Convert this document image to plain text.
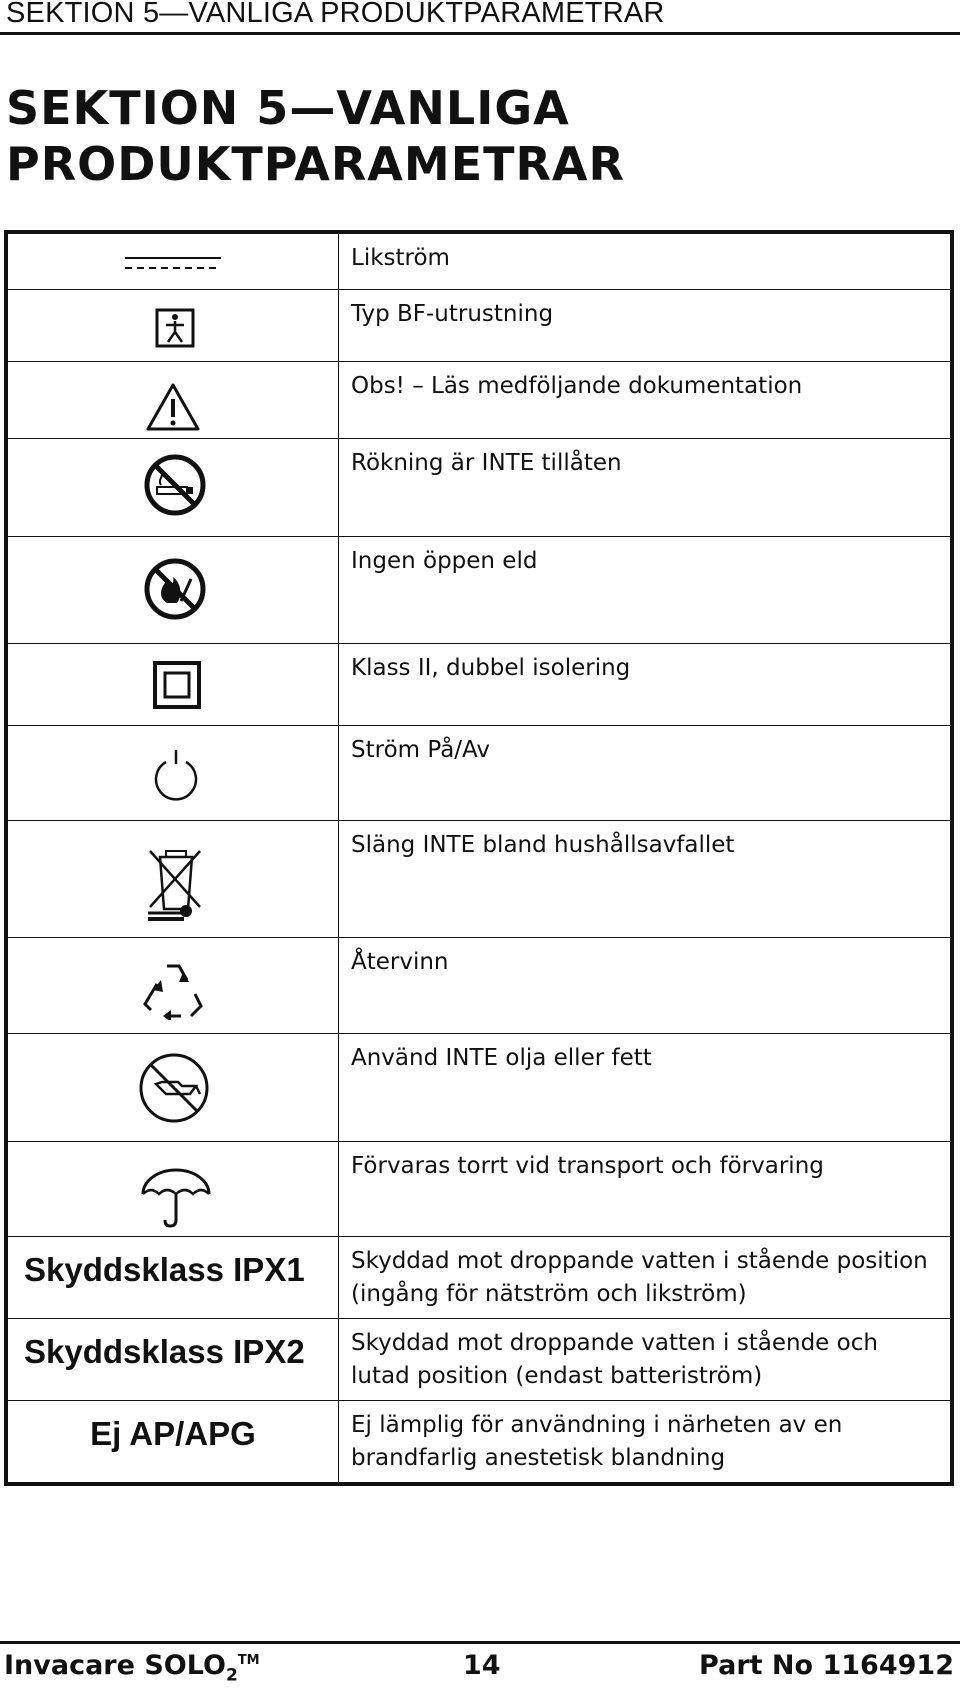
SEKTION 5—VANLIGA PRODUKTPARAMETRAR
SEKTION 5—VANLIGA
PRODUKTPARAMETRAR
	Likström

	Typ BF-utrustning

	Obs! – Läs medföljande dokumentation

	Rökning är INTE tillåten

	Ingen öppen eld

	Klass II, dubbel isolering

	Ström På/Av

	Släng INTE bland hushållsavfallet

	Återvinn

	Använd INTE olja eller fett

	Förvaras torrt vid transport och förvaring

Skyddsklass IPX1	Skyddad mot droppande vatten i stående position (ingång för nätström och likström)

Skyddsklass IPX2	Skyddad mot droppande vatten i stående och lutad position (endast batteriström)

Ej AP/APG	Ej lämplig för användning i närheten av en brandfarlig anestetisk blandning
Invacare $SOLO_2™$	14	Part No 1164912
